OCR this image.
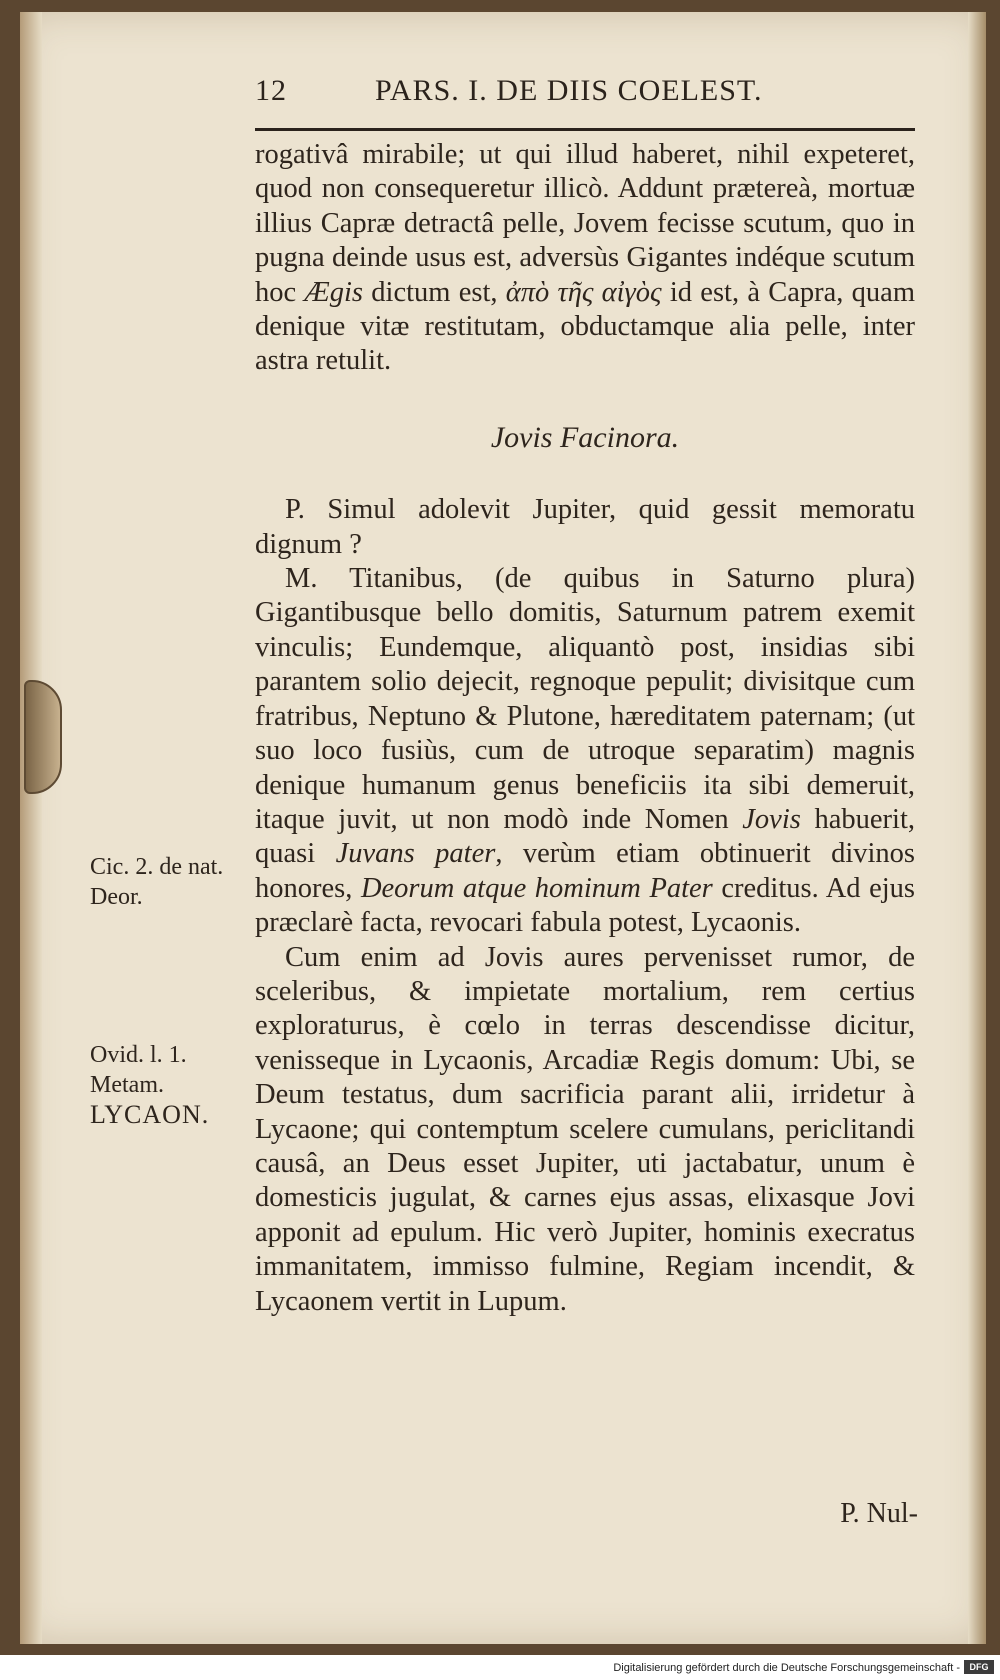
12	PARS. I. DE DIIS COELEST.

rogativâ mirabile; ut qui illud haberet, nihil expeteret, quod non consequeretur illicò. Addunt prætereà, mortuæ illius Capræ detractâ pelle, Jovem fecisse scutum, quo in pugna deinde usus est, adversùs Gigantes indéque scutum hoc Ægis dictum est, ἀπὸ τῆς αἰγὸς id est, à Capra, quam denique vitæ restitutam, obductamque alia pelle, inter astra retulit.

Jovis Facinora.

P. Simul adolevit Jupiter, quid gessit memoratu dignum ?

M. Titanibus, (de quibus in Saturno plura) Gigantibusque bello domitis, Saturnum patrem exemit vinculis; Eundemque, aliquantò post, insidias sibi parantem solio dejecit, regnoque pepulit; divisitque cum fratribus, Neptuno & Plutone, hæreditatem paternam; (ut suo loco fusiùs, cum de utroque separatim) magnis denique humanum genus beneficiis ita sibi demeruit, itaque juvit, ut non modò inde Nomen Jovis habuerit, quasi Juvans pater, verùm etiam obtinuerit divinos honores, Deorum atque hominum Pater creditus. Ad ejus præclarè facta, revocari fabula potest, Lycaonis.

Cum enim ad Jovis aures pervenisset rumor, de sceleribus, & impietate mortalium, rem certius exploraturus, è cœlo in terras descendisse dicitur, venisseque in Lycaonis, Arcadiæ Regis domum: Ubi, se Deum testatus, dum sacrificia parant alii, irridetur à Lycaone; qui contemptum scelere cumulans, periclitandi causâ, an Deus esset Jupiter, uti jactabatur, unum è domesticis jugulat, & carnes ejus assas, elixasque Jovi apponit ad epulum. Hic verò Jupiter, hominis execratus immanitatem, immisso fulmine, Regiam incendit, & Lycaonem vertit in Lupum.

Cic. 2. de nat. Deor.
Ovid. l. 1. Metam.
LYCAON.
P. Nul-
Digitalisierung gefördert durch die Deutsche Forschungsgemeinschaft -	DFG
